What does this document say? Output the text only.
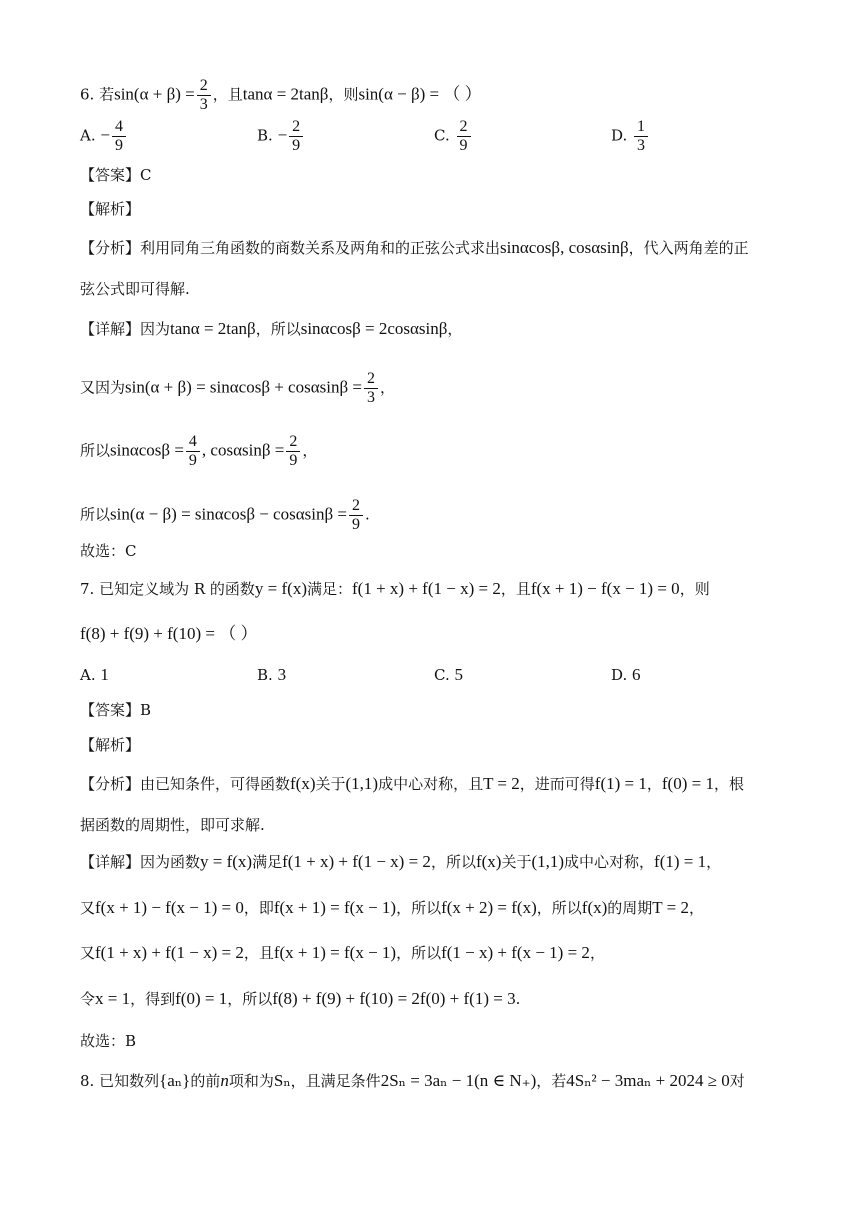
6. 若$\sin(\alpha + \beta) = \frac{2}{3}$ ，且tanα = 2tanβ，则sin(α − β) = （ ）
A. − $\frac{4}{9}$	B. − $\frac{2}{9}$	C. $\frac{2}{9}$	D. $\frac{1}{3}$
【答案】C
【解析】
【分析】利用同角三角函数的商数关系及两角和的正弦公式求出sinαcosβ, cosαsinβ，代入两角差的正
弦公式即可得解.
【详解】因为tanα = 2tanβ，所以sinαcosβ = 2cosαsinβ，
又因为$\sin(\alpha + \beta) = \sin\alpha\cos\beta + \cos\alpha\sin\beta = \frac{2}{3}$ ，
所以$\sin\alpha\cos\beta = \frac{4}{9}$ , $\cos\alpha\sin\beta = \frac{2}{9}$ ，
所以$\sin(\alpha - \beta) = \sin\alpha\cos\beta - \cos\alpha\sin\beta = \frac{2}{9}$ .
故选：C
7. 已知定义域为 R 的函数y = f(x)满足：f(1 + x) + f(1 − x) = 2，且f(x + 1) − f(x − 1) = 0，则
f(8) + f(9) + f(10) = （ ）
A. 1	B. 3	C. 5	D. 6
【答案】B
【解析】
【分析】由已知条件，可得函数f(x)关于(1,1)成中心对称，且T = 2，进而可得f(1) = 1，f(0) = 1，根
据函数的周期性，即可求解.
【详解】因为函数y = f(x)满足f(1 + x) + f(1 − x) = 2，所以f(x)关于(1,1)成中心对称，f(1) = 1，
又f(x + 1) − f(x − 1) = 0，即f(x + 1) = f(x − 1)，所以f(x + 2) = f(x)，所以f(x)的周期T = 2，
又f(1 + x) + f(1 − x) = 2，且f(x + 1) = f(x − 1)，所以f(1 − x) + f(x − 1) = 2，
令x = 1，得到f(0) = 1，所以f(8) + f(9) + f(10) = 2f(0) + f(1) = 3.
故选：B
8. 已知数列{aₙ}的前n项和为Sₙ，且满足条件2Sₙ = 3aₙ − 1(n ∈ N₊)，若4Sₙ² − 3maₙ + 2024 ≥ 0对
